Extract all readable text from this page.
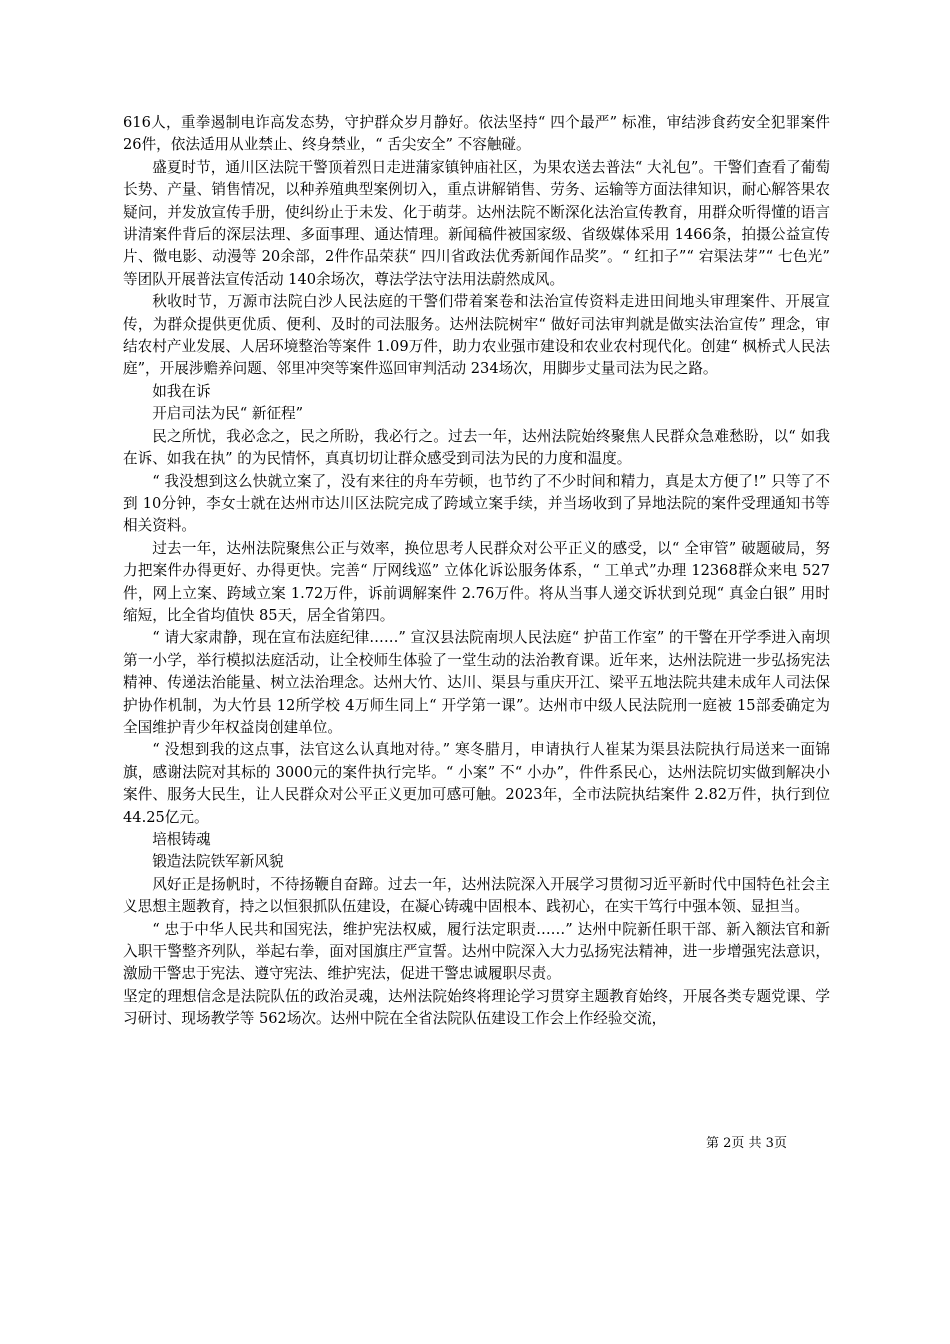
616人，重拳遏制电诈高发态势，守护群众岁月静好。依法坚持“ 四个最严” 标准，审结涉食药安全犯罪案件 26件，依法适用从业禁止、终身禁业，“ 舌尖安全” 不容触碰。

盛夏时节，通川区法院干警顶着烈日走进蒲家镇钟庙社区，为果农送去普法“ 大礼包”。干警们查看了葡萄长势、产量、销售情况，以种养殖典型案例切入，重点讲解销售、劳务、运输等方面法律知识，耐心解答果农疑问，并发放宣传手册，使纠纷止于未发、化于萌芽。达州法院不断深化法治宣传教育，用群众听得懂的语言讲清案件背后的深层法理、多面事理、通达情理。新闻稿件被国家级、省级媒体采用 1466条，拍摄公益宣传片、微电影、动漫等 20余部，2件作品荣获“ 四川省政法优秀新闻作品奖”。“ 红扣子”“ 宕渠法芽”“ 七色光” 等团队开展普法宣传活动 140余场次，尊法学法守法用法蔚然成风。

秋收时节，万源市法院白沙人民法庭的干警们带着案卷和法治宣传资料走进田间地头审理案件、开展宣传，为群众提供更优质、便利、及时的司法服务。达州法院树牢“ 做好司法审判就是做实法治宣传” 理念，审结农村产业发展、人居环境整治等案件 1.09万件，助力农业强市建设和农业农村现代化。创建“ 枫桥式人民法庭”，开展涉赡养问题、邻里冲突等案件巡回审判活动 234场次，用脚步丈量司法为民之路。

如我在诉

开启司法为民“ 新征程”

民之所忧，我必念之，民之所盼，我必行之。过去一年，达州法院始终聚焦人民群众急难愁盼，以“ 如我在诉、如我在执” 的为民情怀，真真切切让群众感受到司法为民的力度和温度。

“ 我没想到这么快就立案了，没有来往的舟车劳顿，也节约了不少时间和精力，真是太方便了!” 只等了不到 10分钟，李女士就在达州市达川区法院完成了跨域立案手续，并当场收到了异地法院的案件受理通知书等相关资料。

过去一年，达州法院聚焦公正与效率，换位思考人民群众对公平正义的感受，以“ 全审管” 破题破局，努力把案件办得更好、办得更快。完善“ 厅网线巡” 立体化诉讼服务体系，“ 工单式”办理 12368群众来电 527件，网上立案、跨域立案 1.72万件，诉前调解案件 2.76万件。将从当事人递交诉状到兑现“ 真金白银” 用时缩短，比全省均值快 85天，居全省第四。

“ 请大家肃静，现在宣布法庭纪律……” 宣汉县法院南坝人民法庭“ 护苗工作室” 的干警在开学季进入南坝第一小学，举行模拟法庭活动，让全校师生体验了一堂生动的法治教育课。近年来，达州法院进一步弘扬宪法精神、传递法治能量、树立法治理念。达州大竹、达川、渠县与重庆开江、梁平五地法院共建未成年人司法保护协作机制，为大竹县 12所学校 4万师生同上“ 开学第一课”。达州市中级人民法院刑一庭被 15部委确定为全国维护青少年权益岗创建单位。

“ 没想到我的这点事，法官这么认真地对待。” 寒冬腊月，申请执行人崔某为渠县法院执行局送来一面锦旗，感谢法院对其标的 3000元的案件执行完毕。“ 小案” 不“ 小办”，件件系民心，达州法院切实做到解决小案件、服务大民生，让人民群众对公平正义更加可感可触。2023年，全市法院执结案件 2.82万件，执行到位 44.25亿元。

培根铸魂

锻造法院铁军新风貌

风好正是扬帆时，不待扬鞭自奋蹄。过去一年，达州法院深入开展学习贯彻习近平新时代中国特色社会主义思想主题教育，持之以恒狠抓队伍建设，在凝心铸魂中固根本、践初心，在实干笃行中强本领、显担当。

“ 忠于中华人民共和国宪法，维护宪法权威，履行法定职责……” 达州中院新任职干部、新入额法官和新入职干警整齐列队，举起右拳，面对国旗庄严宣誓。达州中院深入大力弘扬宪法精神，进一步增强宪法意识，激励干警忠于宪法、遵守宪法、维护宪法，促进干警忠诚履职尽责。

坚定的理想信念是法院队伍的政治灵魂，达州法院始终将理论学习贯穿主题教育始终，开展各类专题党课、学习研讨、现场教学等 562场次。达州中院在全省法院队伍建设工作会上作经验交流，

第 2页 共 3页
